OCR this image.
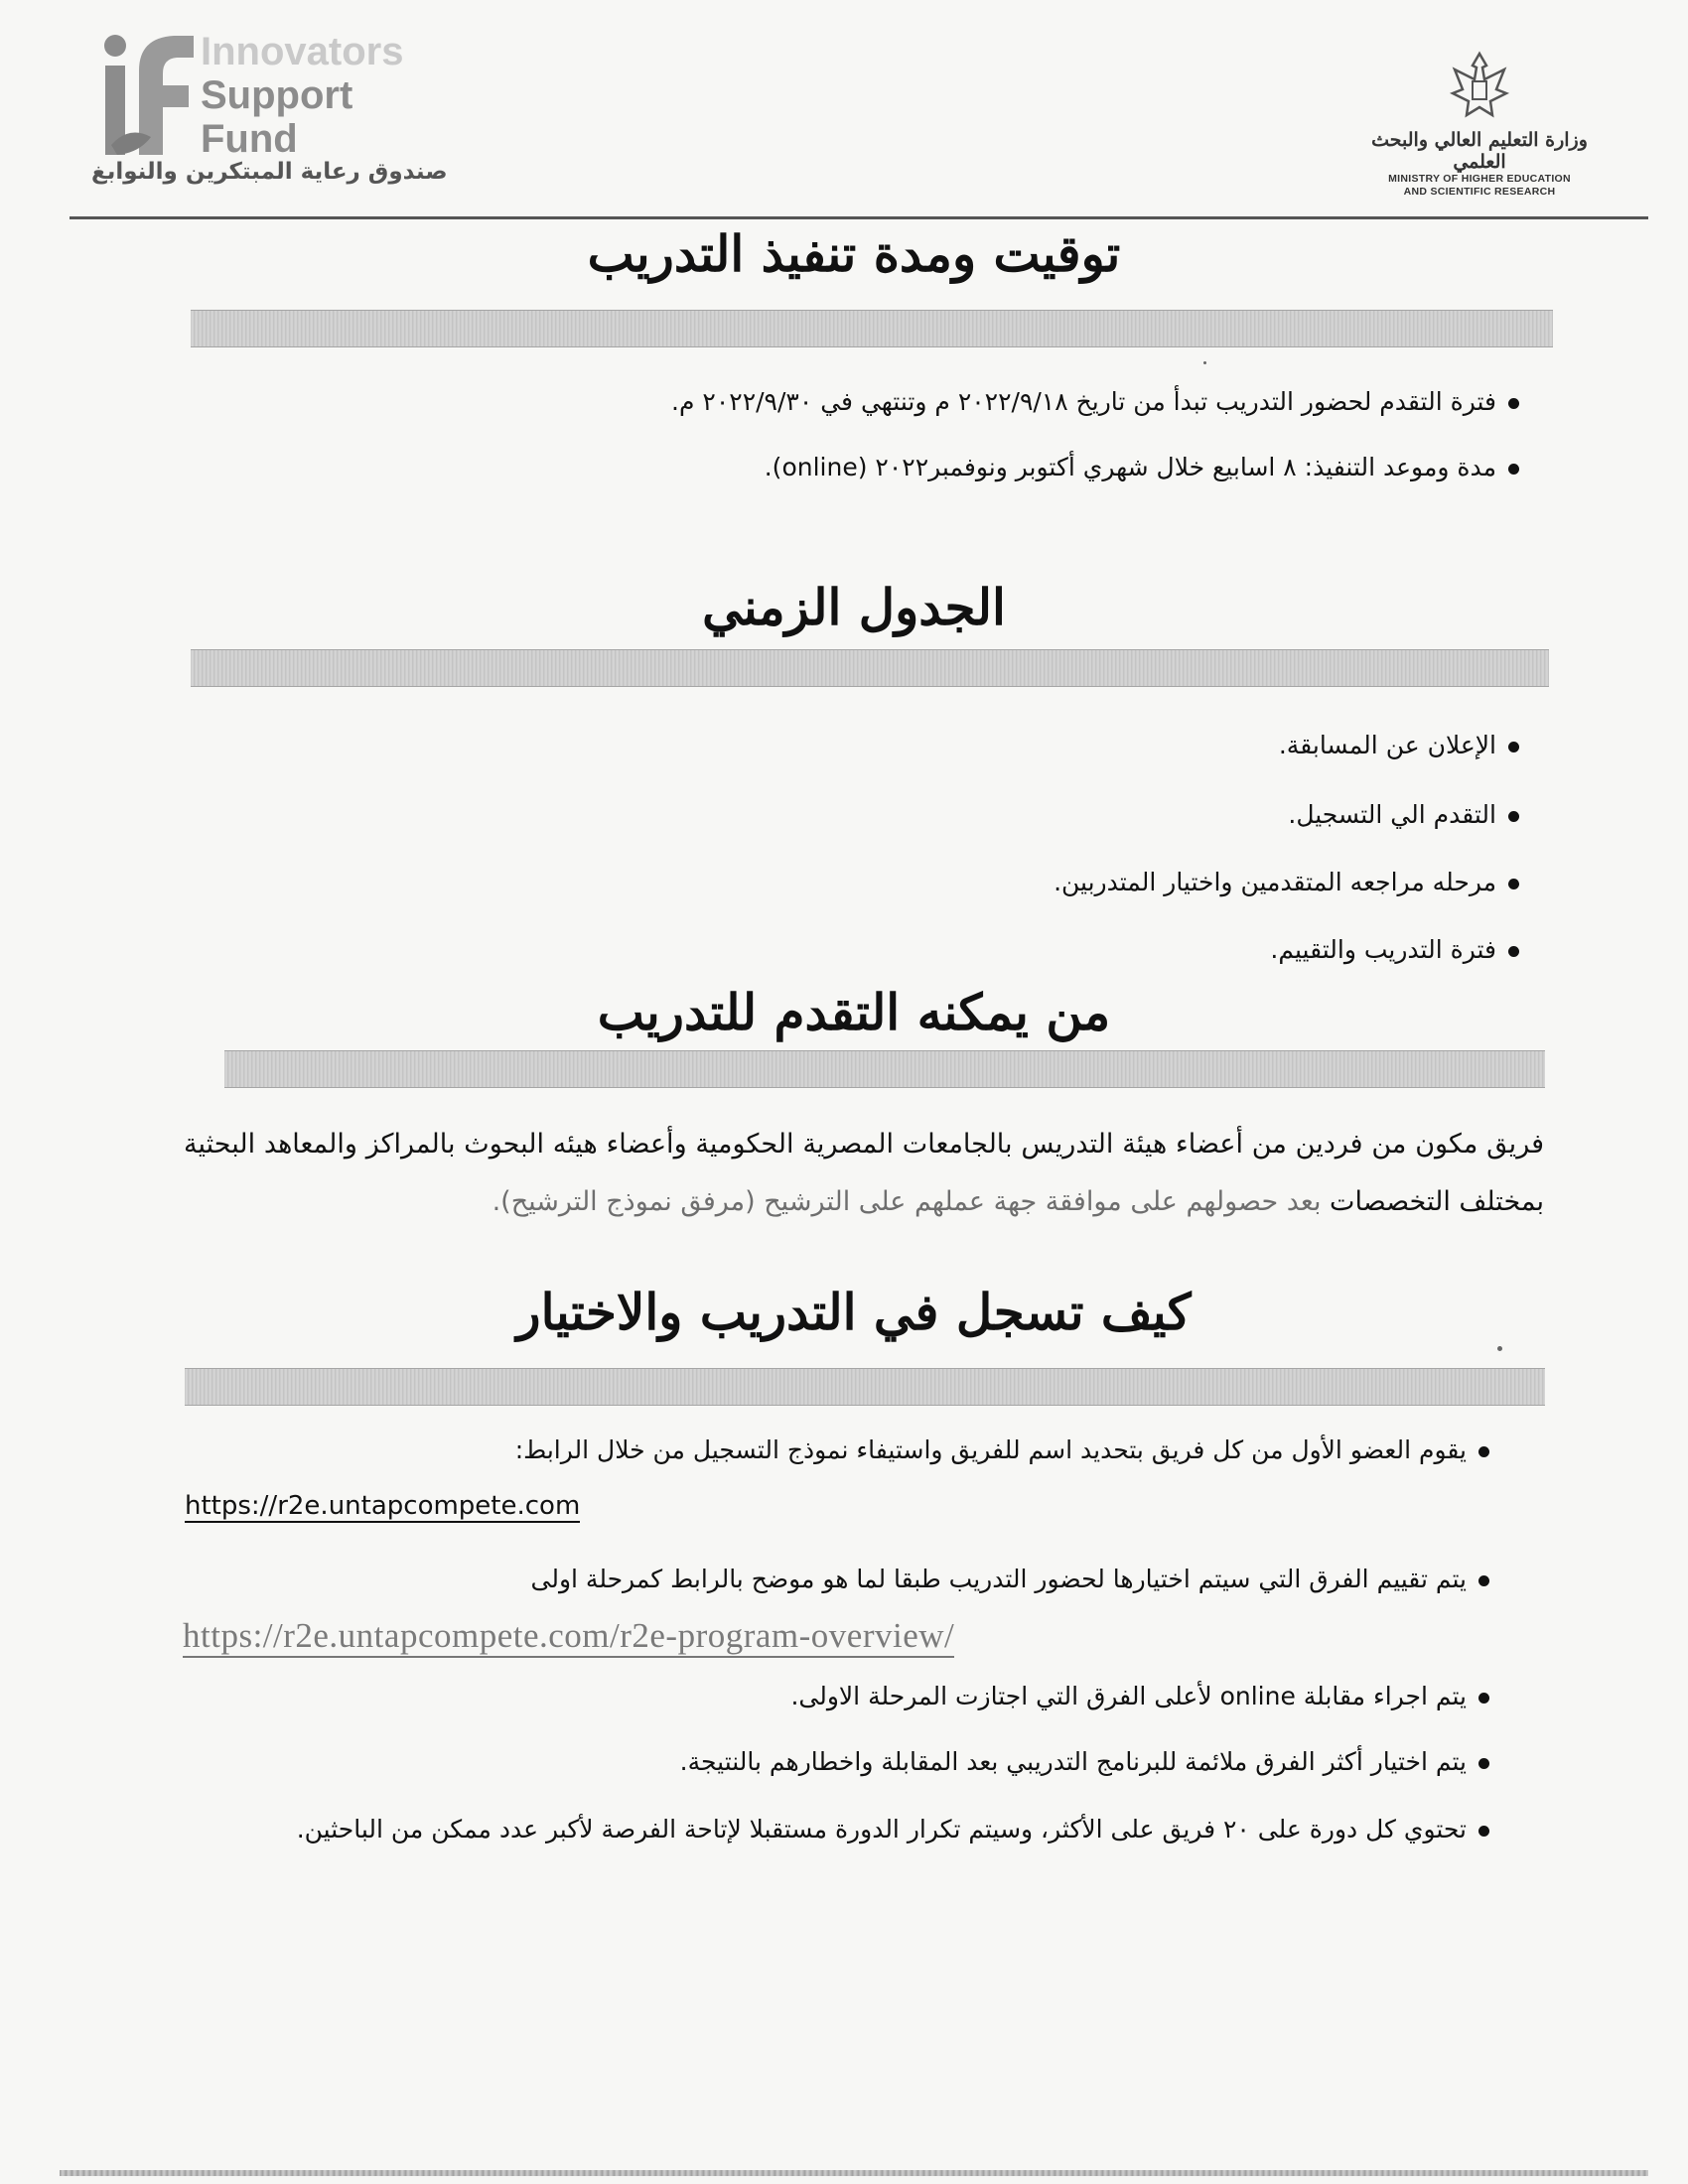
Innovators
Support
Fund
صندوق رعاية المبتكرين والنوابغ
وزارة التعليم العالي والبحث العلمي
MINISTRY OF HIGHER EDUCATION
AND SCIENTIFIC RESEARCH
توقيت ومدة تنفيذ التدريب
فترة التقدم لحضور التدريب تبدأ من تاريخ ٢٠٢٢/٩/١٨ م وتنتهي في ٢٠٢٢/٩/٣٠ م.
مدة وموعد التنفيذ: ٨ اسابيع خلال شهري أكتوبر ونوفمبر٢٠٢٢ (online).
الجدول الزمني
الإعلان عن المسابقة.
التقدم الي التسجيل.
مرحله مراجعه المتقدمين واختيار المتدربين.
فترة التدريب والتقييم.
من يمكنه التقدم للتدريب
فريق مكون من فردين من أعضاء هيئة التدريس بالجامعات المصرية الحكومية وأعضاء هيئه البحوث بالمراكز والمعاهد البحثية بمختلف التخصصات بعد حصولهم على موافقة جهة عملهم على الترشيح (مرفق نموذج الترشيح).
كيف تسجل في التدريب والاختيار
يقوم العضو الأول من كل فريق بتحديد اسم للفريق واستيفاء نموذج التسجيل من خلال الرابط:
https://r2e.untapcompete.com
يتم تقييم الفرق التي سيتم اختيارها لحضور التدريب طبقا لما هو موضح بالرابط كمرحلة اولى
https://r2e.untapcompete.com/r2e-program-overview/
يتم اجراء مقابلة online لأعلى الفرق التي اجتازت المرحلة الاولى.
يتم اختيار أكثر الفرق ملائمة للبرنامج التدريبي بعد المقابلة واخطارهم بالنتيجة.
تحتوي كل دورة على ٢٠ فريق على الأكثر، وسيتم تكرار الدورة مستقبلا لإتاحة الفرصة لأكبر عدد ممكن من الباحثين.
